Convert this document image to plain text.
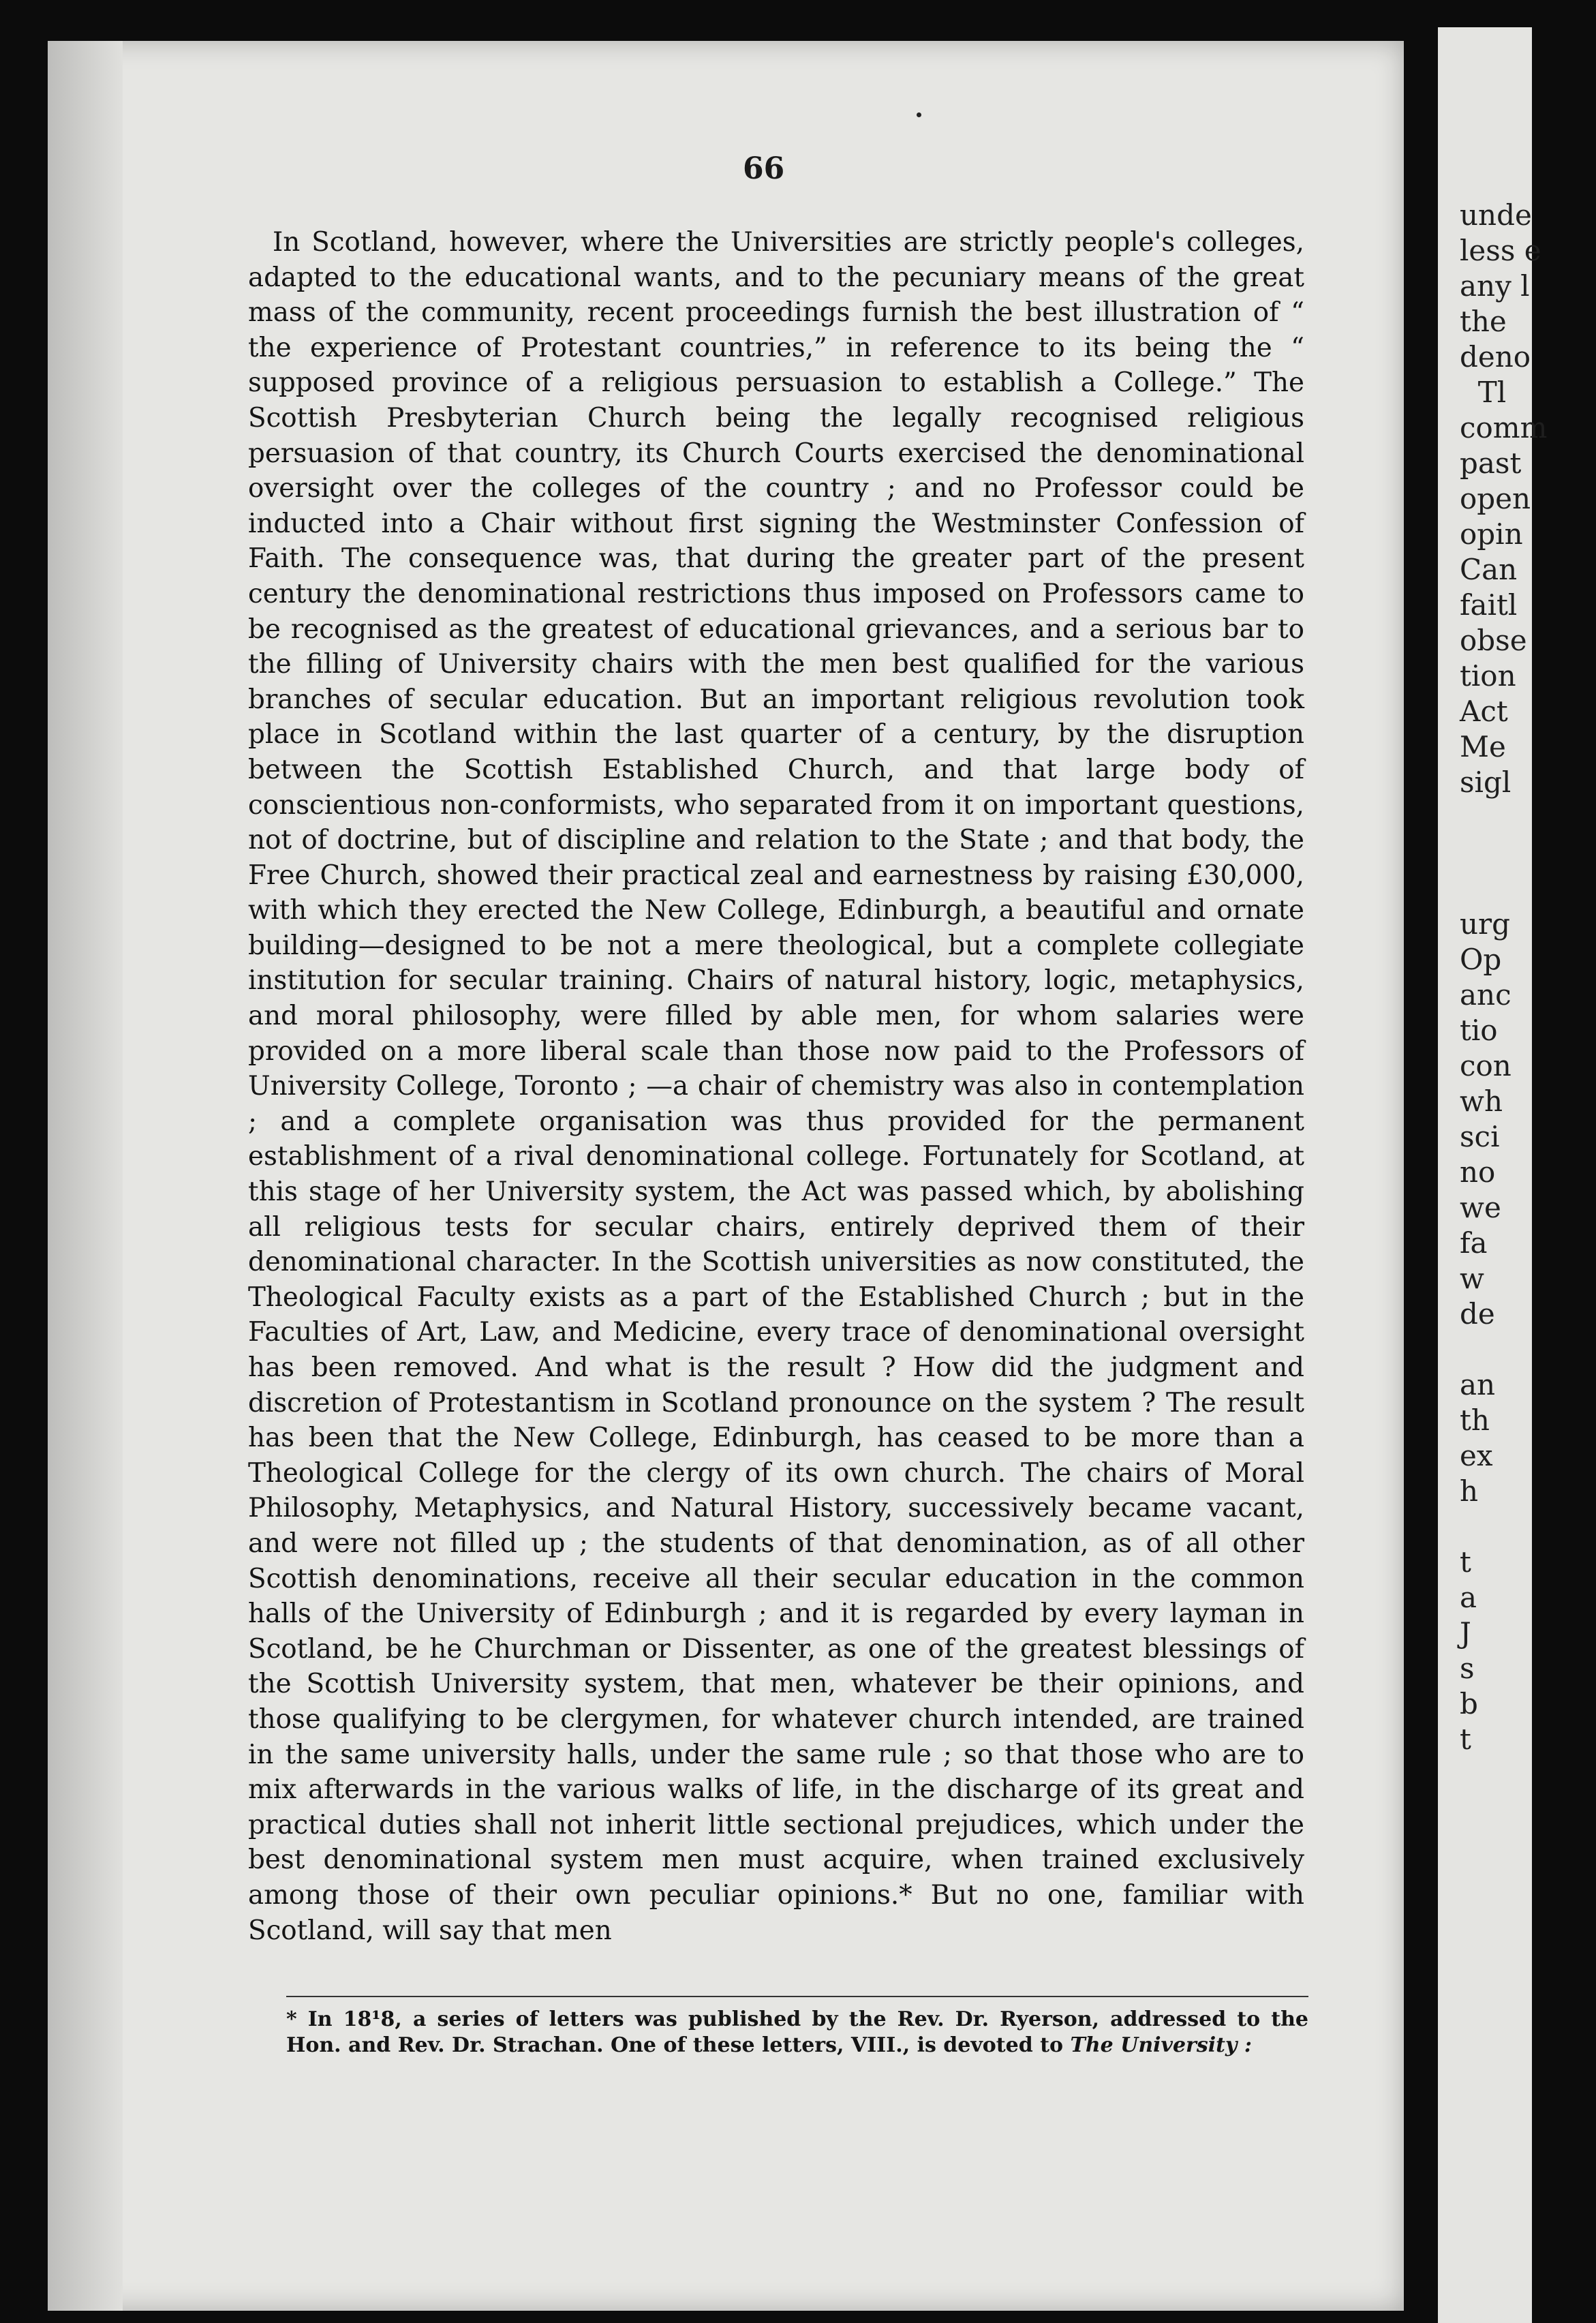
unde
less e
any l
the
deno
Tl
comm
past
open
opin
Can
faitl
obse
tion
Act
Me
sigl

urg
Op
anc
tio
con
wh
sci
no
we
fa
w
de

an
th
ex
h

t
a
J
s
b
t
66

In Scotland, however, where the Universities are strictly people's colleges, adapted to the educational wants, and to the pecuniary means of the great mass of the community, recent proceedings furnish the best illustration of “ the experience of Protestant countries,” in reference to its being the “ supposed province of a religious persuasion to establish a College.” The Scottish Presbyterian Church being the legally recognised religious persuasion of that country, its Church Courts exercised the denominational oversight over the colleges of the country ; and no Professor could be inducted into a Chair without first signing the Westminster Confession of Faith. The consequence was, that during the greater part of the present century the denominational restrictions thus imposed on Professors came to be recognised as the greatest of educational grievances, and a serious bar to the filling of University chairs with the men best qualified for the various branches of secular education. But an important religious revolution took place in Scotland within the last quarter of a century, by the disruption between the Scottish Established Church, and that large body of conscientious non-conformists, who separated from it on important questions, not of doctrine, but of discipline and relation to the State ; and that body, the Free Church, showed their practical zeal and earnestness by raising £30,000, with which they erected the New College, Edinburgh, a beautiful and ornate building—designed to be not a mere theological, but a complete collegiate institution for secular training. Chairs of natural history, logic, metaphysics, and moral philosophy, were filled by able men, for whom salaries were provided on a more liberal scale than those now paid to the Professors of University College, Toronto ; —a chair of chemistry was also in contemplation ; and a complete organisation was thus provided for the permanent establishment of a rival denominational college. Fortunately for Scotland, at this stage of her University system, the Act was passed which, by abolishing all religious tests for secular chairs, entirely deprived them of their denominational character. In the Scottish universities as now constituted, the Theological Faculty exists as a part of the Established Church ; but in the Faculties of Art, Law, and Medicine, every trace of denominational oversight has been removed. And what is the result ? How did the judgment and discretion of Protestantism in Scotland pronounce on the system ? The result has been that the New College, Edinburgh, has ceased to be more than a Theological College for the clergy of its own church. The chairs of Moral Philosophy, Metaphysics, and Natural History, successively became vacant, and were not filled up ; the students of that denomination, as of all other Scottish denominations, receive all their secular education in the common halls of the University of Edinburgh ; and it is regarded by every layman in Scotland, be he Churchman or Dissenter, as one of the greatest blessings of the Scottish University system, that men, whatever be their opinions, and those qualifying to be clergymen, for whatever church intended, are trained in the same university halls, under the same rule ; so that those who are to mix afterwards in the various walks of life, in the discharge of its great and practical duties shall not inherit little sectional prejudices, which under the best denominational system men must acquire, when trained exclusively among those of their own peculiar opinions.* But no one, familiar with Scotland, will say that men

* In 18¹8, a series of letters was published by the Rev. Dr. Ryerson, addressed to the Hon. and Rev. Dr. Strachan. One of these letters, VIII., is devoted to The University :
